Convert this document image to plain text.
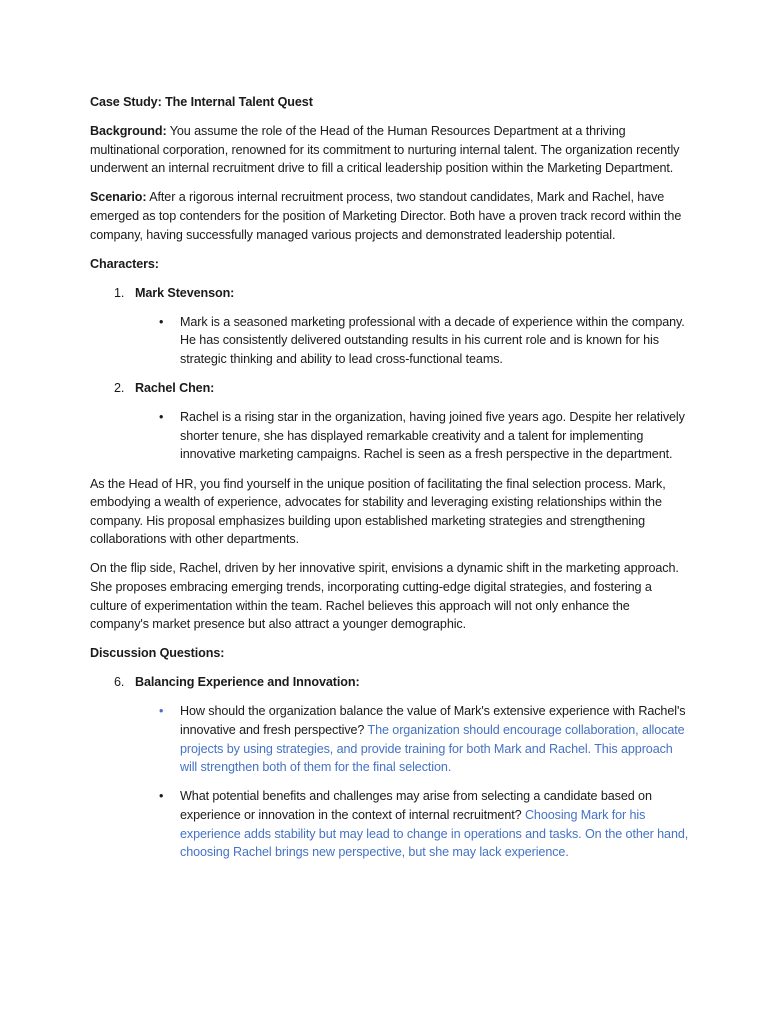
Case Study: The Internal Talent Quest

Background: You assume the role of the Head of the Human Resources Department at a thriving multinational corporation, renowned for its commitment to nurturing internal talent. The organization recently underwent an internal recruitment drive to fill a critical leadership position within the Marketing Department.

Scenario: After a rigorous internal recruitment process, two standout candidates, Mark and Rachel, have emerged as top contenders for the position of Marketing Director. Both have a proven track record within the company, having successfully managed various projects and demonstrated leadership potential.

Characters:

1. Mark Stevenson:
• Mark is a seasoned marketing professional with a decade of experience within the company. He has consistently delivered outstanding results in his current role and is known for his strategic thinking and ability to lead cross-functional teams.
2. Rachel Chen:
• Rachel is a rising star in the organization, having joined five years ago. Despite her relatively shorter tenure, she has displayed remarkable creativity and a talent for implementing innovative marketing campaigns. Rachel is seen as a fresh perspective in the department.

As the Head of HR, you find yourself in the unique position of facilitating the final selection process. Mark, embodying a wealth of experience, advocates for stability and leveraging existing relationships within the company. His proposal emphasizes building upon established marketing strategies and strengthening collaborations with other departments.

On the flip side, Rachel, driven by her innovative spirit, envisions a dynamic shift in the marketing approach. She proposes embracing emerging trends, incorporating cutting-edge digital strategies, and fostering a culture of experimentation within the team. Rachel believes this approach will not only enhance the company's market presence but also attract a younger demographic.

Discussion Questions:

6. Balancing Experience and Innovation:
• How should the organization balance the value of Mark's extensive experience with Rachel's innovative and fresh perspective? The organization should encourage collaboration, allocate projects by using strategies, and provide training for both Mark and Rachel. This approach will strengthen both of them for the final selection.
• What potential benefits and challenges may arise from selecting a candidate based on experience or innovation in the context of internal recruitment? Choosing Mark for his experience adds stability but may lead to change in operations and tasks. On the other hand, choosing Rachel brings new perspective, but she may lack experience.
